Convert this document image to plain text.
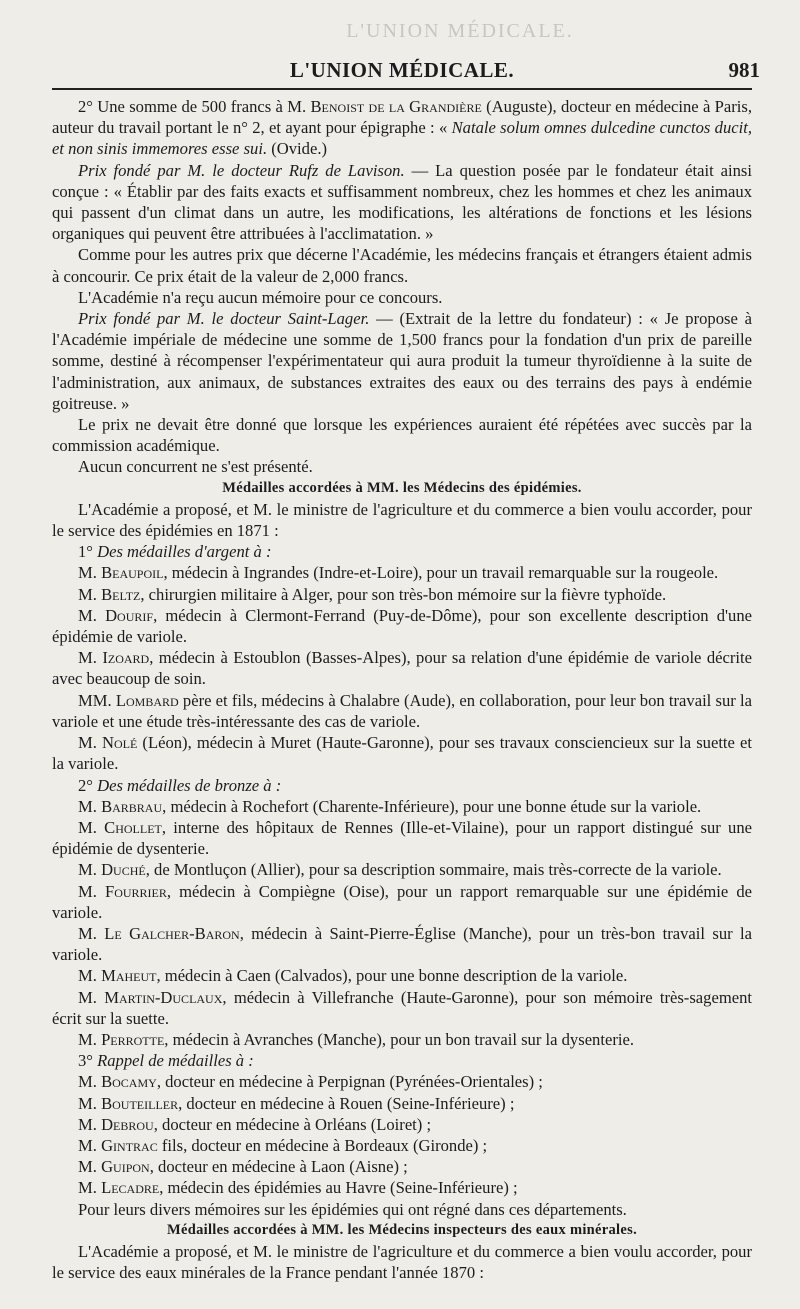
L'UNION MÉDICALE.
L'UNION MÉDICALE.	981

2° Une somme de 500 francs à M. Benoist de la Grandière (Auguste), docteur en médecine à Paris, auteur du travail portant le n° 2, et ayant pour épigraphe : « Natale solum omnes dulcedine cunctos ducit, et non sinis immemores esse sui. (Ovide.)

Prix fondé par M. le docteur Rufz de Lavison. — La question posée par le fondateur était ainsi conçue : « Établir par des faits exacts et suffisamment nombreux, chez les hommes et chez les animaux qui passent d'un climat dans un autre, les modifications, les altérations de fonctions et les lésions organiques qui peuvent être attribuées à l'acclimatation. »

Comme pour les autres prix que décerne l'Académie, les médecins français et étrangers étaient admis à concourir. Ce prix était de la valeur de 2,000 francs.

L'Académie n'a reçu aucun mémoire pour ce concours.

Prix fondé par M. le docteur Saint-Lager. — (Extrait de la lettre du fondateur) : « Je propose à l'Académie impériale de médecine une somme de 1,500 francs pour la fondation d'un prix de pareille somme, destiné à récompenser l'expérimentateur qui aura produit la tumeur thyroïdienne à la suite de l'administration, aux animaux, de substances extraites des eaux ou des terrains des pays à endémie goitreuse. »

Le prix ne devait être donné que lorsque les expériences auraient été répétées avec succès par la commission académique.

Aucun concurrent ne s'est présenté.

Médailles accordées à MM. les Médecins des épidémies.

L'Académie a proposé, et M. le ministre de l'agriculture et du commerce a bien voulu accorder, pour le service des épidémies en 1871 :

1° Des médailles d'argent à :

M. Beaupoil, médecin à Ingrandes (Indre-et-Loire), pour un travail remarquable sur la rougeole.

M. Beltz, chirurgien militaire à Alger, pour son très-bon mémoire sur la fièvre typhoïde.

M. Dourif, médecin à Clermont-Ferrand (Puy-de-Dôme), pour son excellente description d'une épidémie de variole.

M. Izoard, médecin à Estoublon (Basses-Alpes), pour sa relation d'une épidémie de variole décrite avec beaucoup de soin.

MM. Lombard père et fils, médecins à Chalabre (Aude), en collaboration, pour leur bon travail sur la variole et une étude très-intéressante des cas de variole.

M. Nolé (Léon), médecin à Muret (Haute-Garonne), pour ses travaux consciencieux sur la suette et la variole.

2° Des médailles de bronze à :

M. Barbrau, médecin à Rochefort (Charente-Inférieure), pour une bonne étude sur la variole.

M. Chollet, interne des hôpitaux de Rennes (Ille-et-Vilaine), pour un rapport distingué sur une épidémie de dysenterie.

M. Duché, de Montluçon (Allier), pour sa description sommaire, mais très-correcte de la variole.

M. Fourrier, médecin à Compiègne (Oise), pour un rapport remarquable sur une épidémie de variole.

M. Le Galcher-Baron, médecin à Saint-Pierre-Église (Manche), pour un très-bon travail sur la variole.

M. Maheut, médecin à Caen (Calvados), pour une bonne description de la variole.

M. Martin-Duclaux, médecin à Villefranche (Haute-Garonne), pour son mémoire très-sagement écrit sur la suette.

M. Perrotte, médecin à Avranches (Manche), pour un bon travail sur la dysenterie.

3° Rappel de médailles à :

M. Bocamy, docteur en médecine à Perpignan (Pyrénées-Orientales) ;

M. Bouteiller, docteur en médecine à Rouen (Seine-Inférieure) ;

M. Debrou, docteur en médecine à Orléans (Loiret) ;

M. Gintrac fils, docteur en médecine à Bordeaux (Gironde) ;

M. Guipon, docteur en médecine à Laon (Aisne) ;

M. Lecadre, médecin des épidémies au Havre (Seine-Inférieure) ;

Pour leurs divers mémoires sur les épidémies qui ont régné dans ces départements.

Médailles accordées à MM. les Médecins inspecteurs des eaux minérales.

L'Académie a proposé, et M. le ministre de l'agriculture et du commerce a bien voulu accorder, pour le service des eaux minérales de la France pendant l'année 1870 :
